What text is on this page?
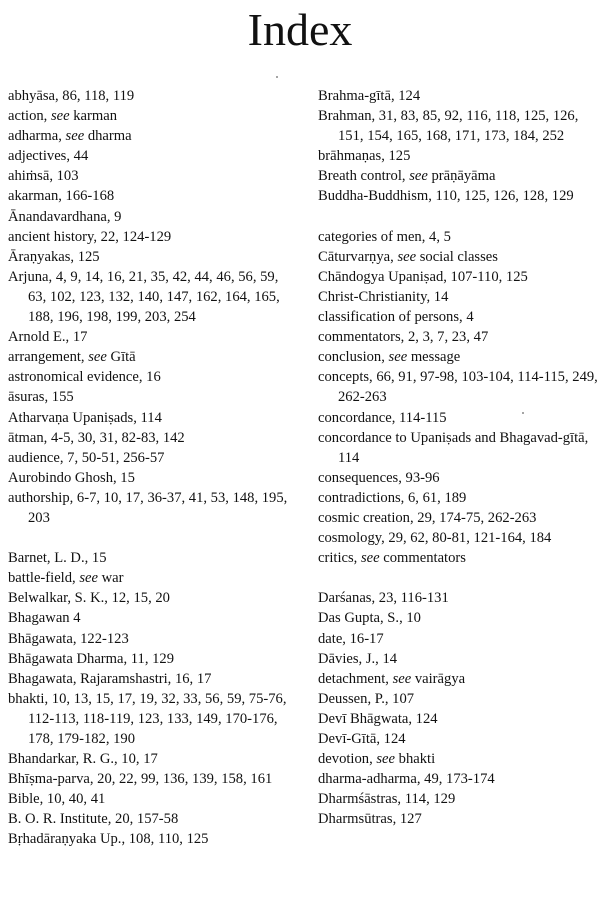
Index

abhyāsa, 86, 118, 119

action, see karman

adharma, see dharma

adjectives, 44

ahiṁsā, 103

akarman, 166-168

Ānandavardhana, 9

ancient history, 22, 124-129

Āraṇyakas, 125

Arjuna, 4, 9, 14, 16, 21, 35, 42, 44, 46, 56, 59, 63, 102, 123, 132, 140, 147, 162, 164, 165, 188, 196, 198, 199, 203, 254

Arnold E., 17

arrangement, see Gītā

astronomical evidence, 16

āsuras, 155

Atharvaṇa Upaniṣads, 114

ātman, 4-5, 30, 31, 82-83, 142

audience, 7, 50-51, 256-57

Aurobindo Ghosh, 15

authorship, 6-7, 10, 17, 36-37, 41, 53, 148, 195, 203

Barnet, L. D., 15

battle-field, see war

Belwalkar, S. K., 12, 15, 20

Bhagawan 4

Bhāgawata, 122-123

Bhāgawata Dharma, 11, 129

Bhagawata, Rajaramshastri, 16, 17

bhakti, 10, 13, 15, 17, 19, 32, 33, 56, 59, 75-76, 112-113, 118-119, 123, 133, 149, 170-176, 178, 179-182, 190

Bhandarkar, R. G., 10, 17

Bhīṣma-parva, 20, 22, 99, 136, 139, 158, 161

Bible, 10, 40, 41

B. O. R. Institute, 20, 157-58

Bṛhadāraṇyaka Up., 108, 110, 125

Brahma-gītā, 124

Brahman, 31, 83, 85, 92, 116, 118, 125, 126, 151, 154, 165, 168, 171, 173, 184, 252

brāhmaṇas, 125

Breath control, see prāṇāyāma

Buddha-Buddhism, 110, 125, 126, 128, 129

categories of men, 4, 5

Cāturvarṇya, see social classes

Chāndogya Upaniṣad, 107-110, 125

Christ-Christianity, 14

classification of persons, 4

commentators, 2, 3, 7, 23, 47

conclusion, see message

concepts, 66, 91, 97-98, 103-104, 114-115, 249, 262-263

concordance, 114-115

concordance to Upaniṣads and Bhagavad-gītā, 114

consequences, 93-96

contradictions, 6, 61, 189

cosmic creation, 29, 174-75, 262-263

cosmology, 29, 62, 80-81, 121-164, 184

critics, see commentators

Darśanas, 23, 116-131

Das Gupta, S., 10

date, 16-17

Dāvies, J., 14

detachment, see vairāgya

Deussen, P., 107

Devī Bhāgwata, 124

Devī-Gītā, 124

devotion, see bhakti

dharma-adharma, 49, 173-174

Dharmśāstras, 114, 129

Dharmsūtras, 127
